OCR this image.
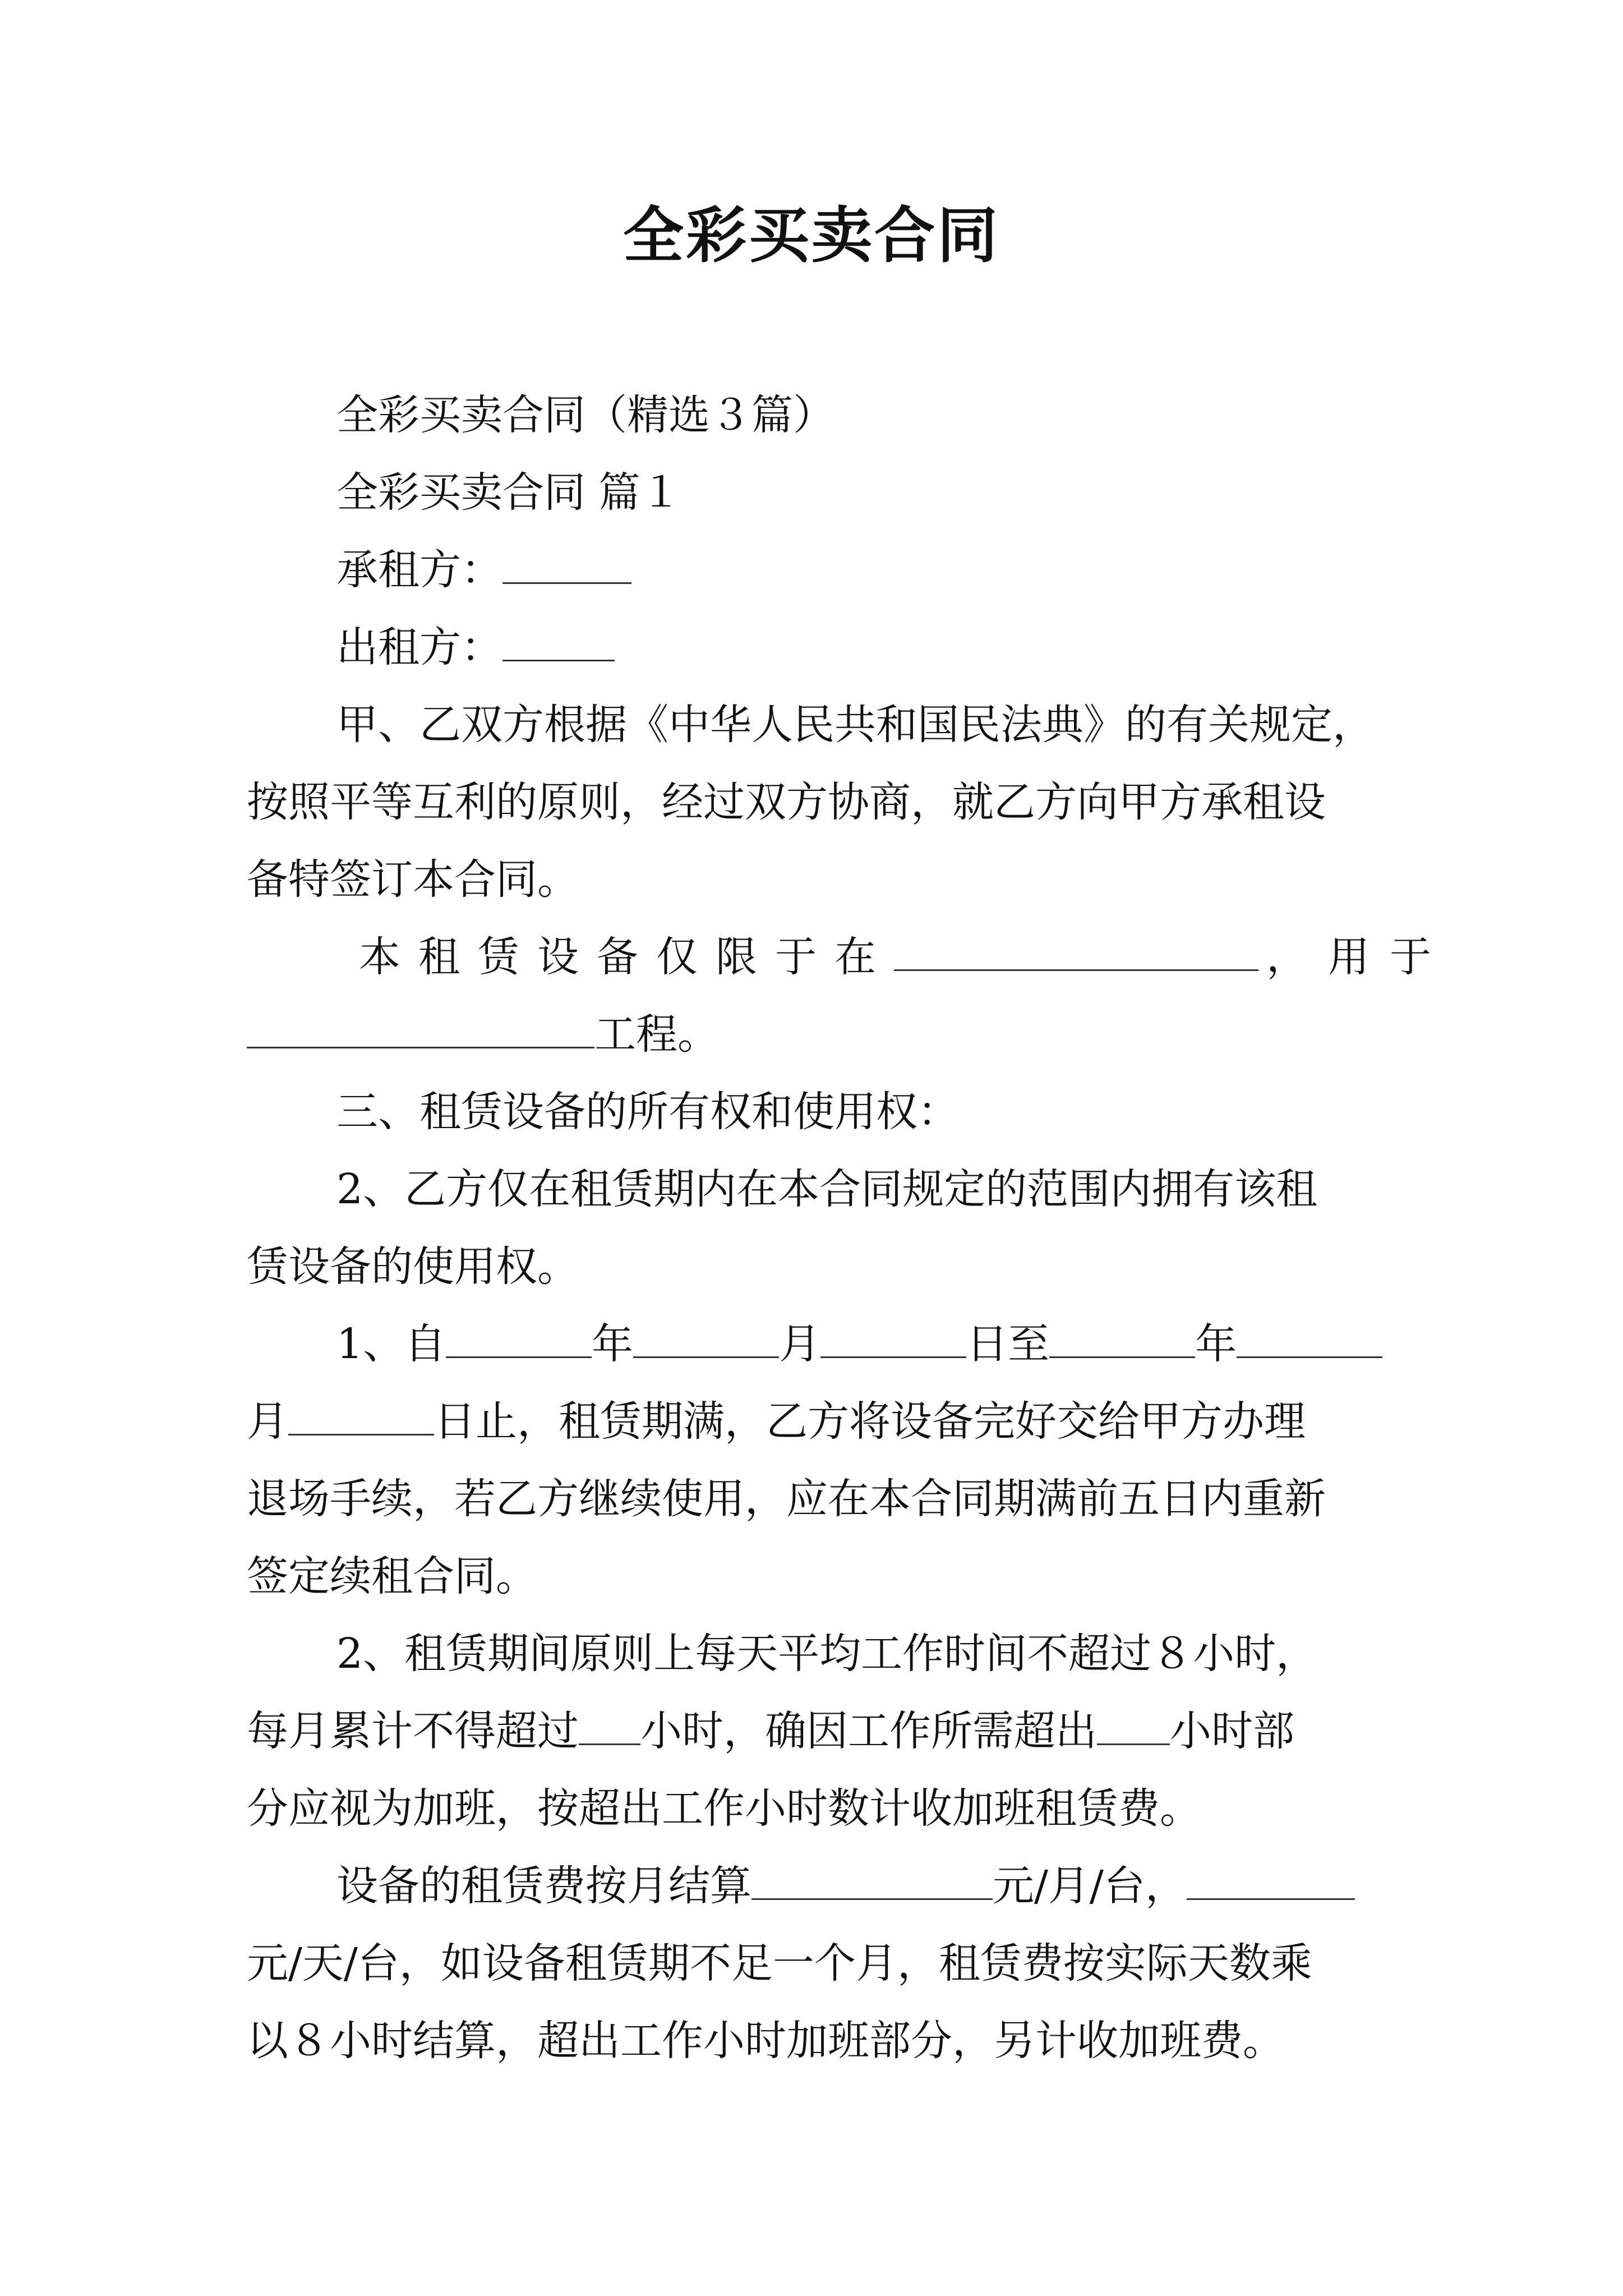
全彩买卖合同
全彩买卖合同（精选３篇）
全彩买卖合同 篇１
承租方：
出租方：
甲、乙双方根据《中华人民共和国民法典》的有关规定，
按照平等互利的原则，经过双方协商，就乙方向甲方承租设
备特签订本合同。
本租赁设备仅限于在	，用于
工程。
三、租赁设备的所有权和使用权：
2、乙方仅在租赁期内在本合同规定的范围内拥有该租
赁设备的使用权。
1、自	年	月	日至	年
月	日止，租赁期满，乙方将设备完好交给甲方办理
退场手续，若乙方继续使用，应在本合同期满前五日内重新
签定续租合同。
2、租赁期间原则上每天平均工作时间不超过８小时，
每月累计不得超过 小时，确因工作所需超出 小时部
分应视为加班，按超出工作小时数计收加班租赁费。
设备的租赁费按月结算	元/月/台，
元/天/台，如设备租赁期不足一个月，租赁费按实际天数乘
以８小时结算，超出工作小时加班部分，另计收加班费。
